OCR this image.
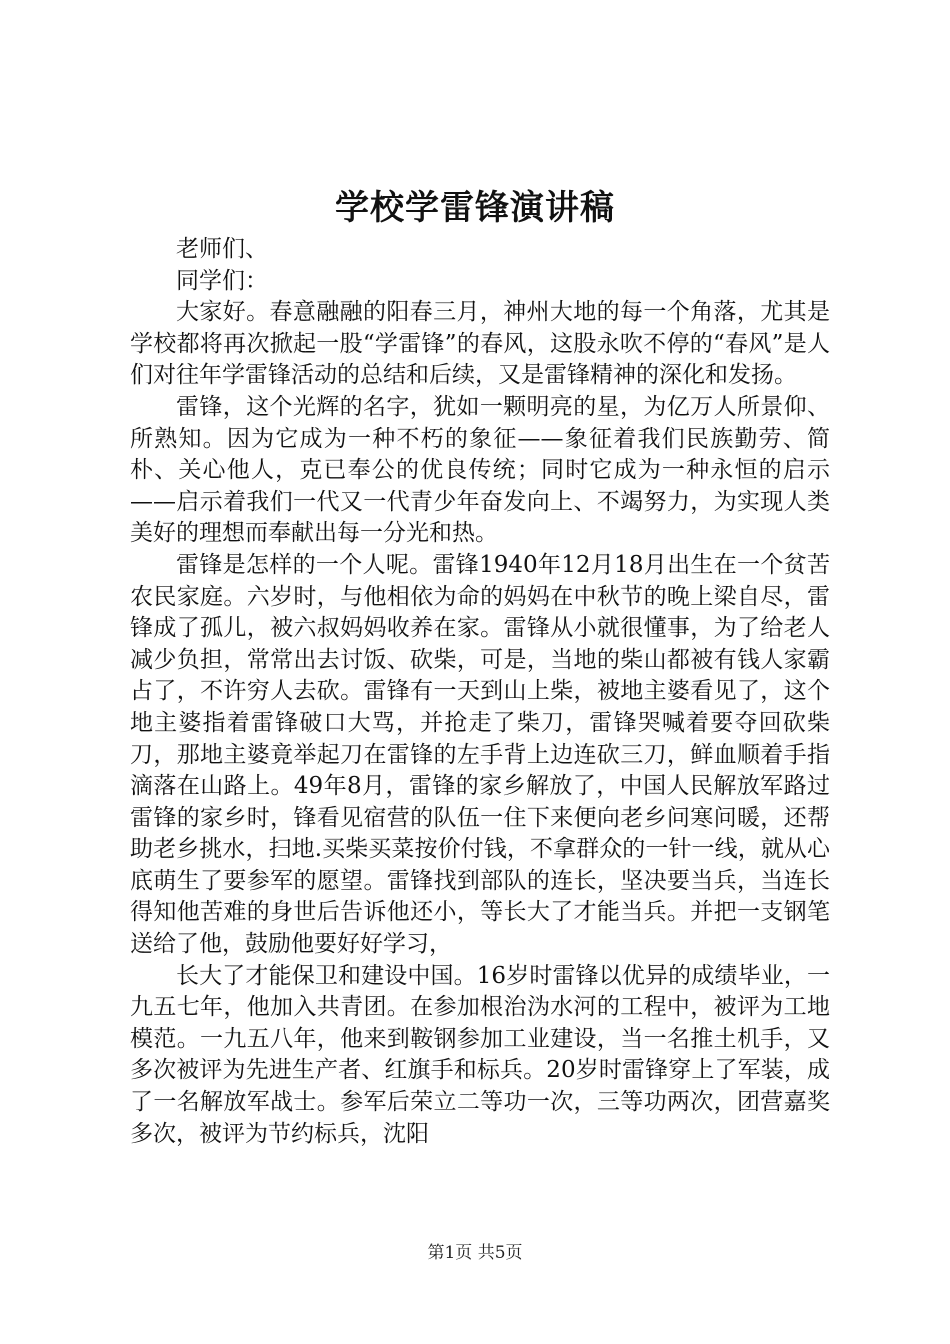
学校学雷锋演讲稿

老师们、

同学们：

大家好。春意融融的阳春三月，神州大地的每一个角落，尤其是学校都将再次掀起一股“学雷锋”的春风，这股永吹不停的“春风”是人们对往年学雷锋活动的总结和后续，又是雷锋精神的深化和发扬。

雷锋，这个光辉的名字，犹如一颗明亮的星，为亿万人所景仰、所熟知。因为它成为一种不朽的象征——象征着我们民族勤劳、简朴、关心他人，克已奉公的优良传统；同时它成为一种永恒的启示——启示着我们一代又一代青少年奋发向上、不竭努力，为实现人类美好的理想而奉献出每一分光和热。

雷锋是怎样的一个人呢。雷锋1940年12月18月出生在一个贫苦农民家庭。六岁时，与他相依为命的妈妈在中秋节的晚上梁自尽，雷锋成了孤儿，被六叔妈妈收养在家。雷锋从小就很懂事，为了给老人减少负担，常常出去讨饭、砍柴，可是，当地的柴山都被有钱人家霸占了，不许穷人去砍。雷锋有一天到山上柴，被地主婆看见了，这个地主婆指着雷锋破口大骂，并抢走了柴刀，雷锋哭喊着要夺回砍柴刀，那地主婆竟举起刀在雷锋的左手背上边连砍三刀，鲜血顺着手指滴落在山路上。49年8月，雷锋的家乡解放了，中国人民解放军路过雷锋的家乡时，锋看见宿营的队伍一住下来便向老乡问寒问暖，还帮助老乡挑水，扫地.买柴买菜按价付钱，不拿群众的一针一线，就从心底萌生了要参军的愿望。雷锋找到部队的连长，坚决要当兵，当连长得知他苦难的身世后告诉他还小，等长大了才能当兵。并把一支钢笔送给了他，鼓励他要好好学习，

长大了才能保卫和建设中国。16岁时雷锋以优异的成绩毕业，一九五七年，他加入共青团。在参加根治沩水河的工程中，被评为工地模范。一九五八年，他来到鞍钢参加工业建设，当一名推土机手，又多次被评为先进生产者、红旗手和标兵。20岁时雷锋穿上了军装，成了一名解放军战士。参军后荣立二等功一次，三等功两次，团营嘉奖多次，被评为节约标兵，沈阳

第1页 共5页
